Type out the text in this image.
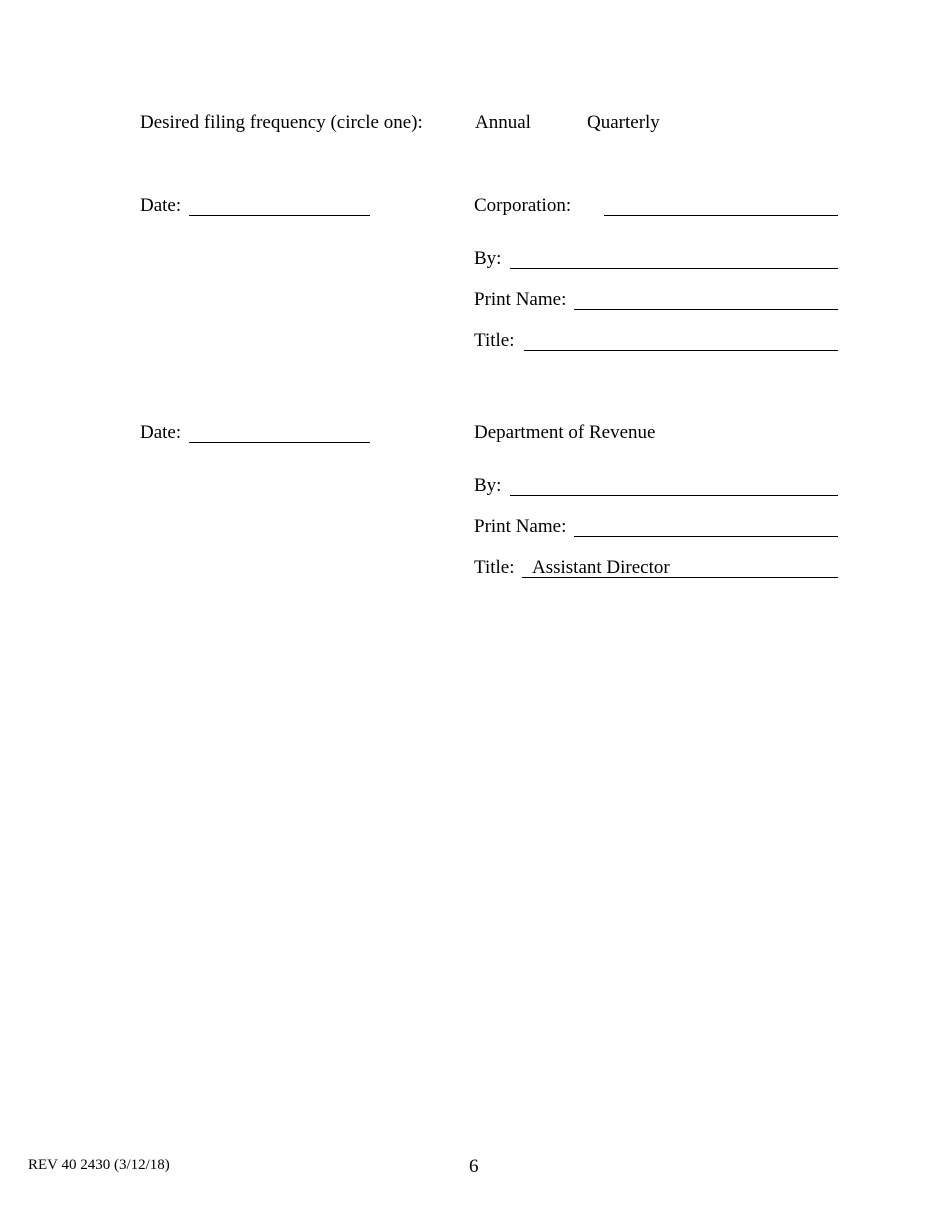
Desired filing frequency (circle one):	Annual	Quarterly
Date:	Corporation:
By:
Print Name:
Title:
Date:	Department of Revenue
By:
Print Name:
Title: Assistant Director
REV 40 2430 (3/12/18)	6
